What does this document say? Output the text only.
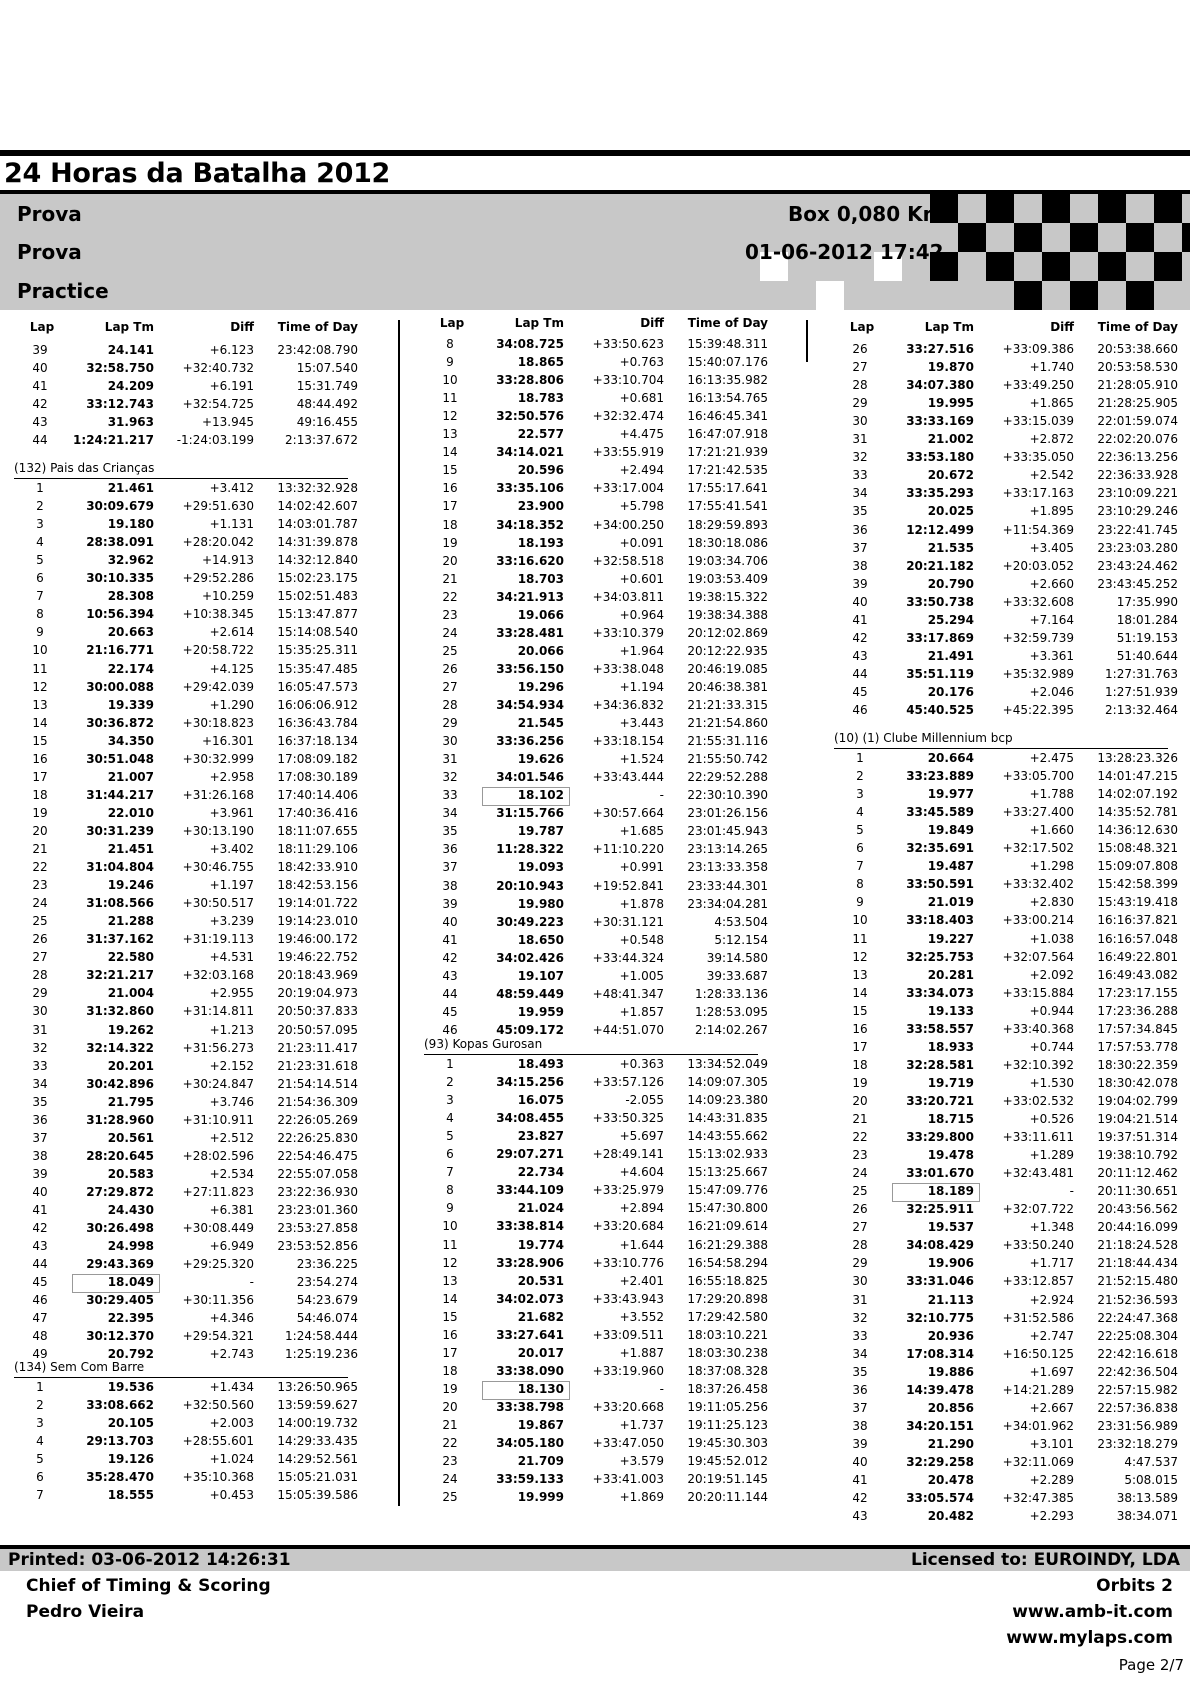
24 Horas da Batalha 2012
Prova
Prova
Practice
Box 0,080 Km
01-06-2012 17:42
Lap	Lap Tm	Diff	Time of Day
39	24.141	+6.123	23:42:08.790
40	32:58.750	+32:40.732	15:07.540
41	24.209	+6.191	15:31.749
42	33:12.743	+32:54.725	48:44.492
43	31.963	+13.945	49:16.455
44	1:24:21.217	-1:24:03.199	2:13:37.672
(132) Pais das Crianças
1	21.461	+3.412	13:32:32.928
2	30:09.679	+29:51.630	14:02:42.607
3	19.180	+1.131	14:03:01.787
4	28:38.091	+28:20.042	14:31:39.878
5	32.962	+14.913	14:32:12.840
6	30:10.335	+29:52.286	15:02:23.175
7	28.308	+10.259	15:02:51.483
8	10:56.394	+10:38.345	15:13:47.877
9	20.663	+2.614	15:14:08.540
10	21:16.771	+20:58.722	15:35:25.311
11	22.174	+4.125	15:35:47.485
12	30:00.088	+29:42.039	16:05:47.573
13	19.339	+1.290	16:06:06.912
14	30:36.872	+30:18.823	16:36:43.784
15	34.350	+16.301	16:37:18.134
16	30:51.048	+30:32.999	17:08:09.182
17	21.007	+2.958	17:08:30.189
18	31:44.217	+31:26.168	17:40:14.406
19	22.010	+3.961	17:40:36.416
20	30:31.239	+30:13.190	18:11:07.655
21	21.451	+3.402	18:11:29.106
22	31:04.804	+30:46.755	18:42:33.910
23	19.246	+1.197	18:42:53.156
24	31:08.566	+30:50.517	19:14:01.722
25	21.288	+3.239	19:14:23.010
26	31:37.162	+31:19.113	19:46:00.172
27	22.580	+4.531	19:46:22.752
28	32:21.217	+32:03.168	20:18:43.969
29	21.004	+2.955	20:19:04.973
30	31:32.860	+31:14.811	20:50:37.833
31	19.262	+1.213	20:50:57.095
32	32:14.322	+31:56.273	21:23:11.417
33	20.201	+2.152	21:23:31.618
34	30:42.896	+30:24.847	21:54:14.514
35	21.795	+3.746	21:54:36.309
36	31:28.960	+31:10.911	22:26:05.269
37	20.561	+2.512	22:26:25.830
38	28:20.645	+28:02.596	22:54:46.475
39	20.583	+2.534	22:55:07.058
40	27:29.872	+27:11.823	23:22:36.930
41	24.430	+6.381	23:23:01.360
42	30:26.498	+30:08.449	23:53:27.858
43	24.998	+6.949	23:53:52.856
44	29:43.369	+29:25.320	23:36.225
45	18.049	-	23:54.274
46	30:29.405	+30:11.356	54:23.679
47	22.395	+4.346	54:46.074
48	30:12.370	+29:54.321	1:24:58.444
49	20.792	+2.743	1:25:19.236
(134) Sem Com Barre
1	19.536	+1.434	13:26:50.965
2	33:08.662	+32:50.560	13:59:59.627
3	20.105	+2.003	14:00:19.732
4	29:13.703	+28:55.601	14:29:33.435
5	19.126	+1.024	14:29:52.561
6	35:28.470	+35:10.368	15:05:21.031
7	18.555	+0.453	15:05:39.586
Lap	Lap Tm	Diff	Time of Day
8	34:08.725	+33:50.623	15:39:48.311
9	18.865	+0.763	15:40:07.176
10	33:28.806	+33:10.704	16:13:35.982
11	18.783	+0.681	16:13:54.765
12	32:50.576	+32:32.474	16:46:45.341
13	22.577	+4.475	16:47:07.918
14	34:14.021	+33:55.919	17:21:21.939
15	20.596	+2.494	17:21:42.535
16	33:35.106	+33:17.004	17:55:17.641
17	23.900	+5.798	17:55:41.541
18	34:18.352	+34:00.250	18:29:59.893
19	18.193	+0.091	18:30:18.086
20	33:16.620	+32:58.518	19:03:34.706
21	18.703	+0.601	19:03:53.409
22	34:21.913	+34:03.811	19:38:15.322
23	19.066	+0.964	19:38:34.388
24	33:28.481	+33:10.379	20:12:02.869
25	20.066	+1.964	20:12:22.935
26	33:56.150	+33:38.048	20:46:19.085
27	19.296	+1.194	20:46:38.381
28	34:54.934	+34:36.832	21:21:33.315
29	21.545	+3.443	21:21:54.860
30	33:36.256	+33:18.154	21:55:31.116
31	19.626	+1.524	21:55:50.742
32	34:01.546	+33:43.444	22:29:52.288
33	18.102	-	22:30:10.390
34	31:15.766	+30:57.664	23:01:26.156
35	19.787	+1.685	23:01:45.943
36	11:28.322	+11:10.220	23:13:14.265
37	19.093	+0.991	23:13:33.358
38	20:10.943	+19:52.841	23:33:44.301
39	19.980	+1.878	23:34:04.281
40	30:49.223	+30:31.121	4:53.504
41	18.650	+0.548	5:12.154
42	34:02.426	+33:44.324	39:14.580
43	19.107	+1.005	39:33.687
44	48:59.449	+48:41.347	1:28:33.136
45	19.959	+1.857	1:28:53.095
46	45:09.172	+44:51.070	2:14:02.267
(93) Kopas Gurosan
1	18.493	+0.363	13:34:52.049
2	34:15.256	+33:57.126	14:09:07.305
3	16.075	-2.055	14:09:23.380
4	34:08.455	+33:50.325	14:43:31.835
5	23.827	+5.697	14:43:55.662
6	29:07.271	+28:49.141	15:13:02.933
7	22.734	+4.604	15:13:25.667
8	33:44.109	+33:25.979	15:47:09.776
9	21.024	+2.894	15:47:30.800
10	33:38.814	+33:20.684	16:21:09.614
11	19.774	+1.644	16:21:29.388
12	33:28.906	+33:10.776	16:54:58.294
13	20.531	+2.401	16:55:18.825
14	34:02.073	+33:43.943	17:29:20.898
15	21.682	+3.552	17:29:42.580
16	33:27.641	+33:09.511	18:03:10.221
17	20.017	+1.887	18:03:30.238
18	33:38.090	+33:19.960	18:37:08.328
19	18.130	-	18:37:26.458
20	33:38.798	+33:20.668	19:11:05.256
21	19.867	+1.737	19:11:25.123
22	34:05.180	+33:47.050	19:45:30.303
23	21.709	+3.579	19:45:52.012
24	33:59.133	+33:41.003	20:19:51.145
25	19.999	+1.869	20:20:11.144
Lap	Lap Tm	Diff	Time of Day
26	33:27.516	+33:09.386	20:53:38.660
27	19.870	+1.740	20:53:58.530
28	34:07.380	+33:49.250	21:28:05.910
29	19.995	+1.865	21:28:25.905
30	33:33.169	+33:15.039	22:01:59.074
31	21.002	+2.872	22:02:20.076
32	33:53.180	+33:35.050	22:36:13.256
33	20.672	+2.542	22:36:33.928
34	33:35.293	+33:17.163	23:10:09.221
35	20.025	+1.895	23:10:29.246
36	12:12.499	+11:54.369	23:22:41.745
37	21.535	+3.405	23:23:03.280
38	20:21.182	+20:03.052	23:43:24.462
39	20.790	+2.660	23:43:45.252
40	33:50.738	+33:32.608	17:35.990
41	25.294	+7.164	18:01.284
42	33:17.869	+32:59.739	51:19.153
43	21.491	+3.361	51:40.644
44	35:51.119	+35:32.989	1:27:31.763
45	20.176	+2.046	1:27:51.939
46	45:40.525	+45:22.395	2:13:32.464
(10) (1) Clube Millennium bcp
1	20.664	+2.475	13:28:23.326
2	33:23.889	+33:05.700	14:01:47.215
3	19.977	+1.788	14:02:07.192
4	33:45.589	+33:27.400	14:35:52.781
5	19.849	+1.660	14:36:12.630
6	32:35.691	+32:17.502	15:08:48.321
7	19.487	+1.298	15:09:07.808
8	33:50.591	+33:32.402	15:42:58.399
9	21.019	+2.830	15:43:19.418
10	33:18.403	+33:00.214	16:16:37.821
11	19.227	+1.038	16:16:57.048
12	32:25.753	+32:07.564	16:49:22.801
13	20.281	+2.092	16:49:43.082
14	33:34.073	+33:15.884	17:23:17.155
15	19.133	+0.944	17:23:36.288
16	33:58.557	+33:40.368	17:57:34.845
17	18.933	+0.744	17:57:53.778
18	32:28.581	+32:10.392	18:30:22.359
19	19.719	+1.530	18:30:42.078
20	33:20.721	+33:02.532	19:04:02.799
21	18.715	+0.526	19:04:21.514
22	33:29.800	+33:11.611	19:37:51.314
23	19.478	+1.289	19:38:10.792
24	33:01.670	+32:43.481	20:11:12.462
25	18.189	-	20:11:30.651
26	32:25.911	+32:07.722	20:43:56.562
27	19.537	+1.348	20:44:16.099
28	34:08.429	+33:50.240	21:18:24.528
29	19.906	+1.717	21:18:44.434
30	33:31.046	+33:12.857	21:52:15.480
31	21.113	+2.924	21:52:36.593
32	32:10.775	+31:52.586	22:24:47.368
33	20.936	+2.747	22:25:08.304
34	17:08.314	+16:50.125	22:42:16.618
35	19.886	+1.697	22:42:36.504
36	14:39.478	+14:21.289	22:57:15.982
37	20.856	+2.667	22:57:36.838
38	34:20.151	+34:01.962	23:31:56.989
39	21.290	+3.101	23:32:18.279
40	32:29.258	+32:11.069	4:47.537
41	20.478	+2.289	5:08.015
42	33:05.574	+32:47.385	38:13.589
43	20.482	+2.293	38:34.071
Printed: 03-06-2012 14:26:31	Licensed to: EUROINDY, LDA
Chief of Timing & Scoring
Pedro Vieira
Orbits 2
www.amb-it.com
www.mylaps.com
Page 2/7
